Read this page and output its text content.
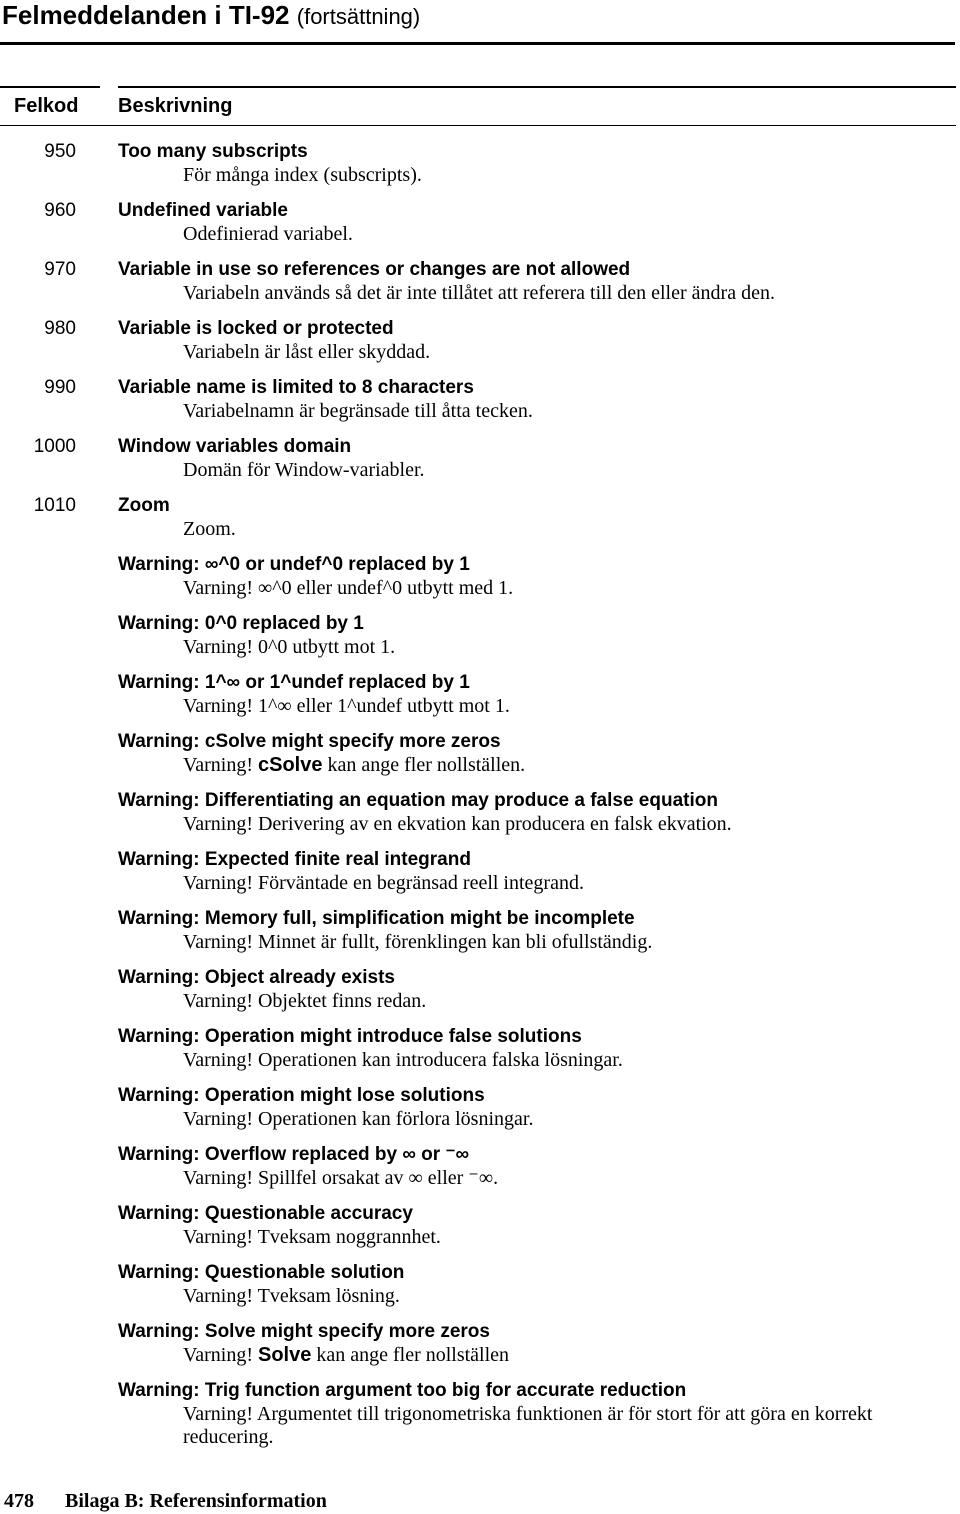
Felmeddelanden i TI-92 (fortsättning)
Felkod Beskrivning
950 Too many subscripts
För många index (subscripts).
960 Undefined variable
Odefinierad variabel.
970 Variable in use so references or changes are not allowed
Variabeln används så det är inte tillåtet att referera till den eller ändra den.
980 Variable is locked or protected
Variabeln är låst eller skyddad.
990 Variable name is limited to 8 characters
Variabelnamn är begränsade till åtta tecken.
1000 Window variables domain
Domän för Window-variabler.
1010 Zoom
Zoom.
Warning: ∞^0 or undef^0 replaced by 1
Varning! ∞^0 eller undef^0 utbytt med 1.
Warning: 0^0 replaced by 1
Varning! 0^0 utbytt mot 1.
Warning: 1^∞ or 1^undef replaced by 1
Varning! 1^∞ eller 1^undef utbytt mot 1.
Warning: cSolve might specify more zeros
Varning! cSolve kan ange fler nollställen.
Warning: Differentiating an equation may produce a false equation
Varning! Derivering av en ekvation kan producera en falsk ekvation.
Warning: Expected finite real integrand
Varning! Förväntade en begränsad reell integrand.
Warning: Memory full, simplification might be incomplete
Varning! Minnet är fullt, förenklingen kan bli ofullständig.
Warning: Object already exists
Varning! Objektet finns redan.
Warning: Operation might introduce false solutions
Varning! Operationen kan introducera falska lösningar.
Warning: Operation might lose solutions
Varning! Operationen kan förlora lösningar.
Warning: Overflow replaced by ∞ or ⁻∞
Varning! Spillfel orsakat av ∞ eller ⁻∞.
Warning: Questionable accuracy
Varning! Tveksam noggrannhet.
Warning: Questionable solution
Varning! Tveksam lösning.
Warning: Solve might specify more zeros
Varning! Solve kan ange fler nollställen
Warning: Trig function argument too big for accurate reduction
Varning! Argumentet till trigonometriska funktionen är för stort för att göra en korrekt reducering.
478 Bilaga B: Referensinformation
